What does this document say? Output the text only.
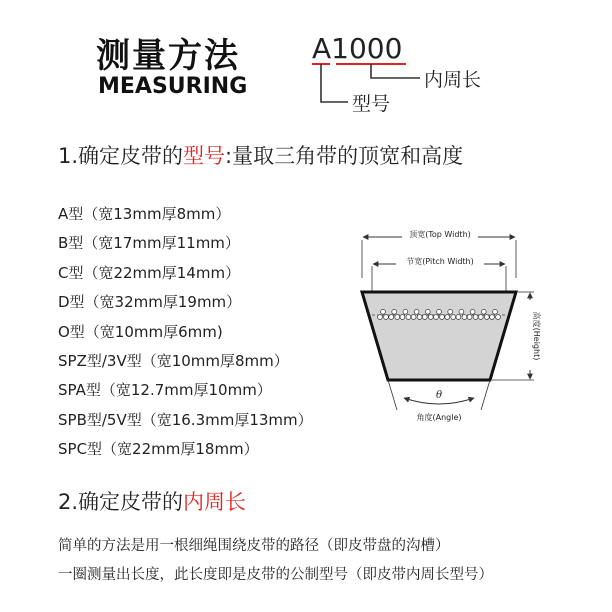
测量方法
MEASURING
A1000
型号
内周长
1.确定皮带的型号:量取三角带的顶宽和高度
A型（宽13mm厚8mm）
B型（宽17mm厚11mm）
C型（宽22mm厚14mm）
D型（宽32mm厚19mm）
O型（宽10mm厚6mm)
SPZ型/3V型（宽10mm厚8mm）
SPA型（宽12.7mm厚10mm）
SPB型/5V型（宽16.3mm厚13mm）
SPC型（宽22mm厚18mm）
顶宽(Top Width)
节宽(Pitch Width)
高度(Height)
θ
角度(Angle)
2.确定皮带的内周长
简单的方法是用一根细绳围绕皮带的路径（即皮带盘的沟槽）
一圈测量出长度，此长度即是皮带的公制型号（即皮带内周长型号）
